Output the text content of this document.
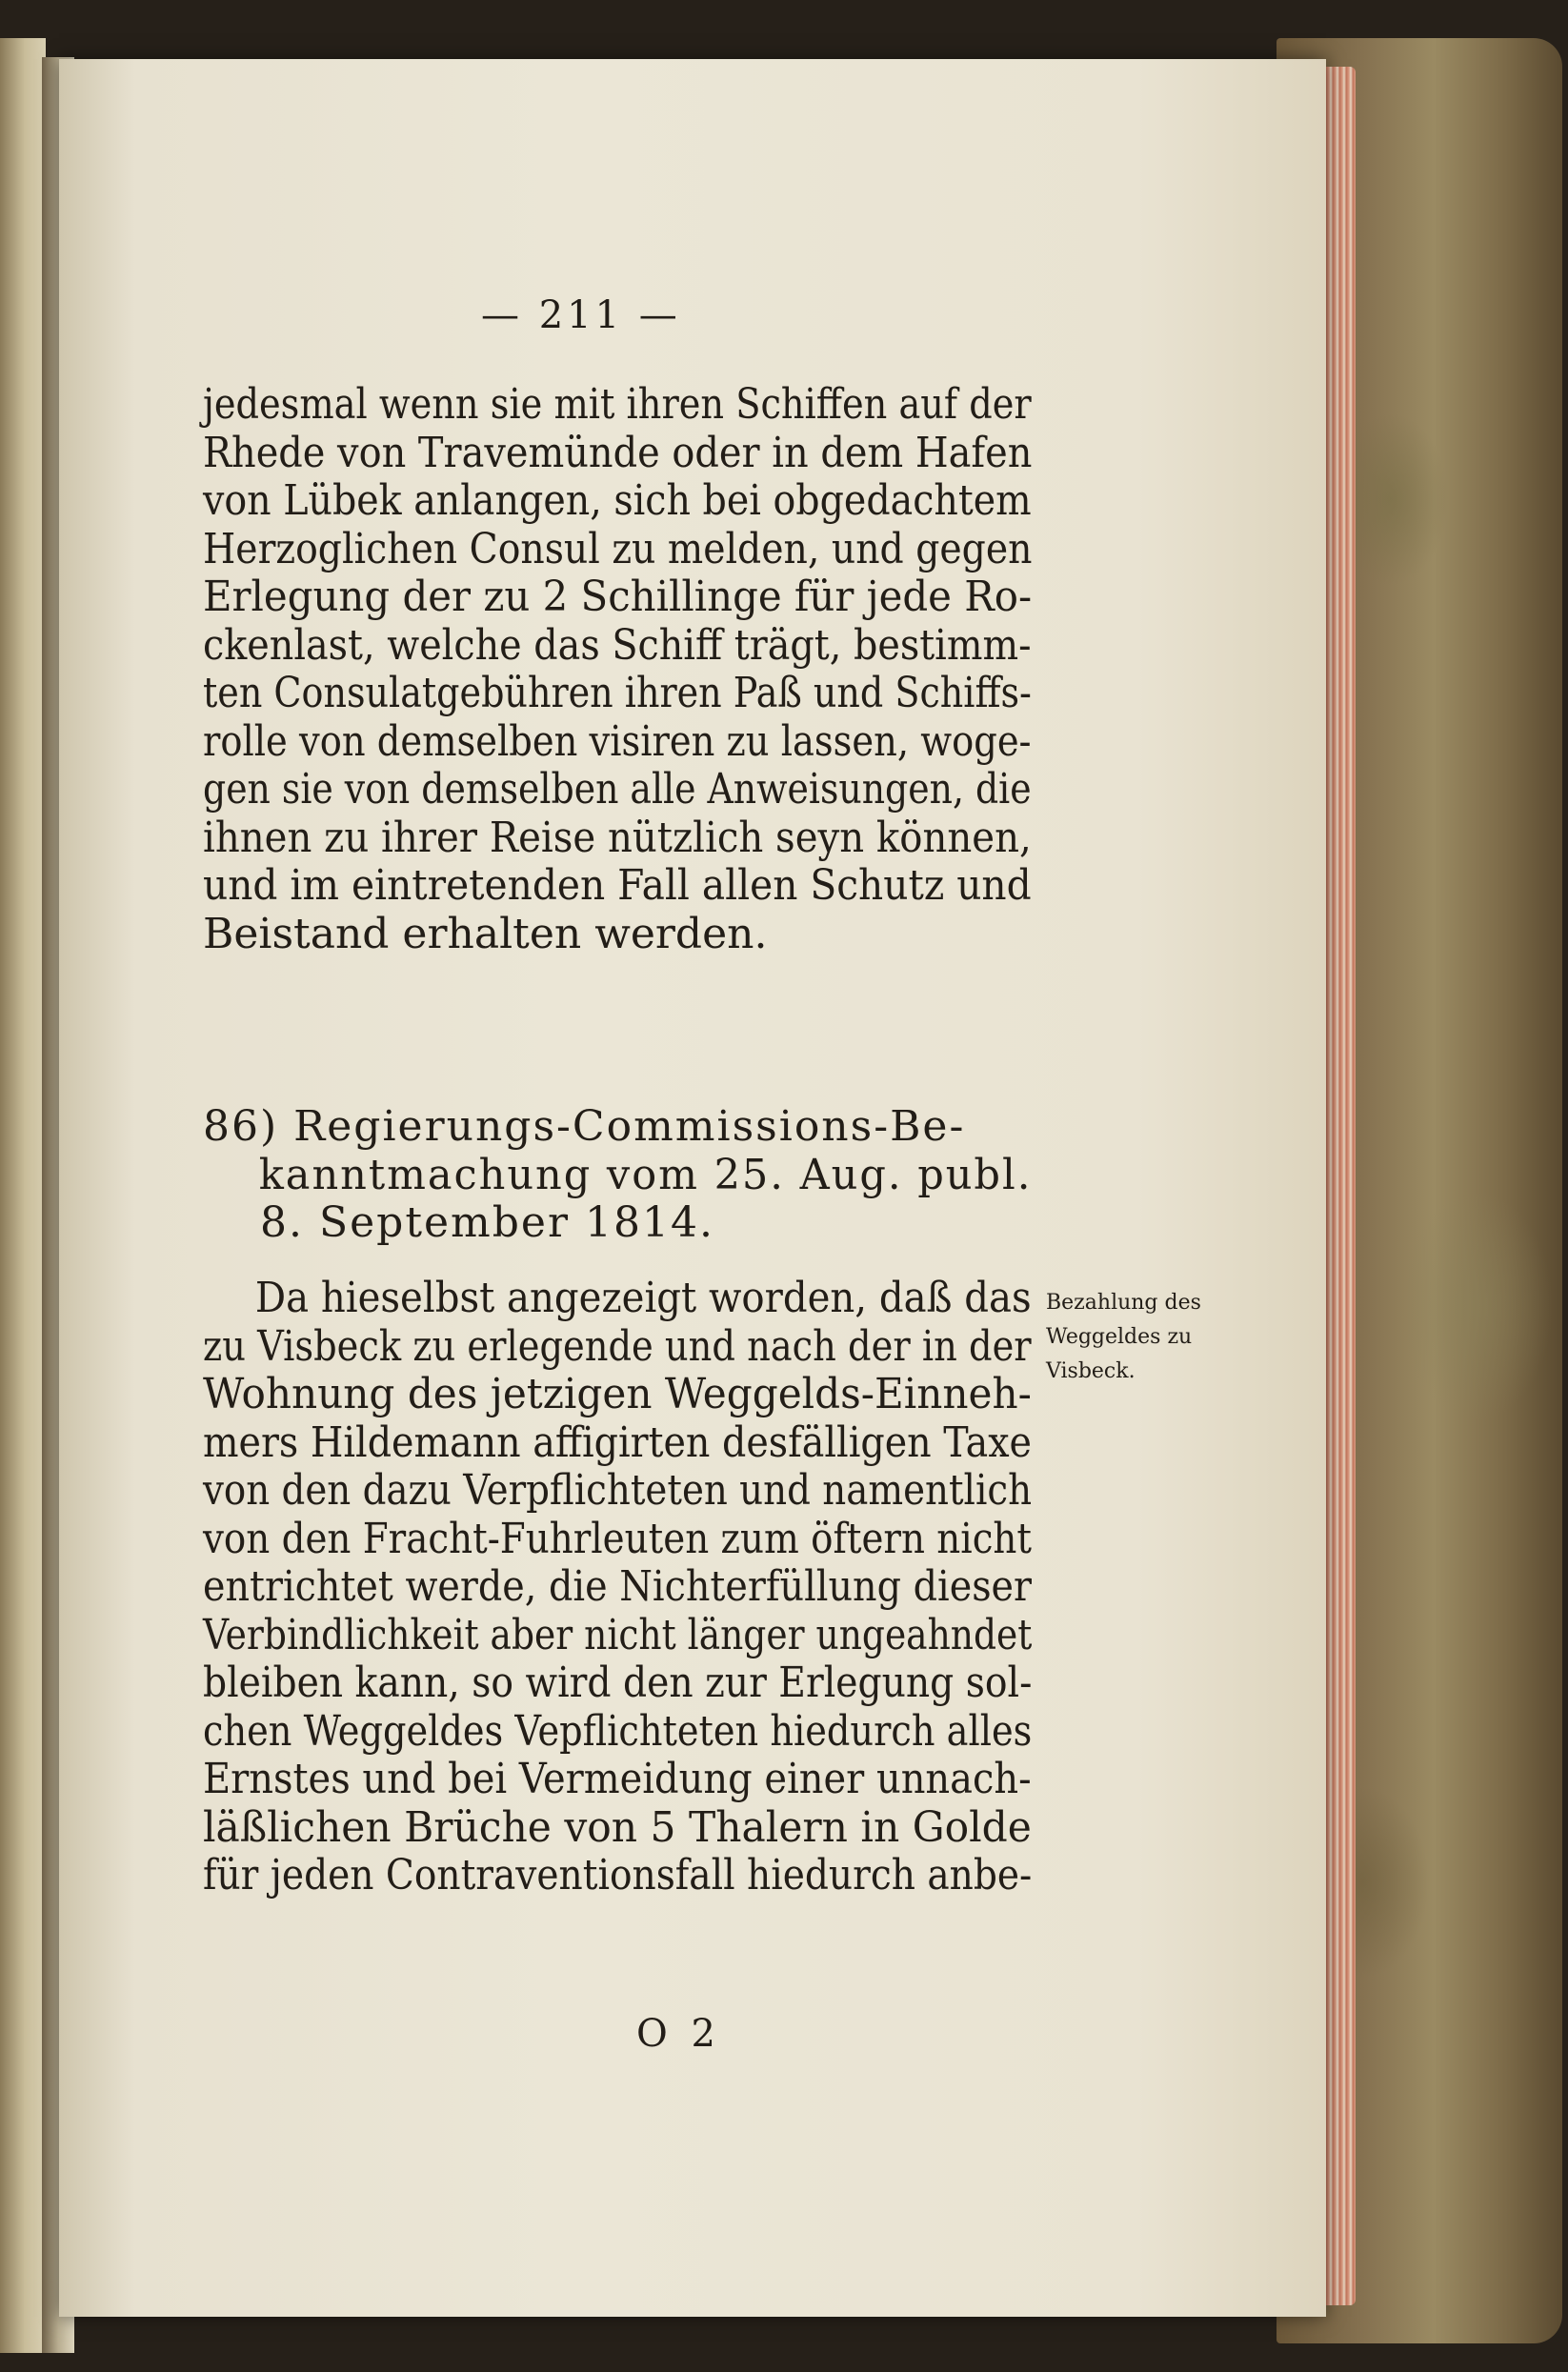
— 211 —
jedesmal wenn sie mit ihren Schiffen auf der
Rhede von Travemünde oder in dem Hafen
von Lübek anlangen, sich bei obgedachtem
Herzoglichen Consul zu melden, und gegen
Erlegung der zu 2 Schillinge für jede Ro-
ckenlast, welche das Schiff trägt, bestimm-
ten Consulatgebühren ihren Paß und Schiffs-
rolle von demselben visiren zu lassen, woge-
gen sie von demselben alle Anweisungen, die
ihnen zu ihrer Reise nützlich seyn können,
und im eintretenden Fall allen Schutz und
Beistand erhalten werden.
86) Regierungs-Commissions-Be-
kanntmachung vom 25. Aug. publ.
8. September 1814.
Bezahlung des
Weggeldes zu
Visbeck.
Da hieselbst angezeigt worden, daß das
zu Visbeck zu erlegende und nach der in der
Wohnung des jetzigen Weggelds-Einneh-
mers Hildemann affigirten desfälligen Taxe
von den dazu Verpflichteten und namentlich
von den Fracht-Fuhrleuten zum öftern nicht
entrichtet werde, die Nichterfüllung dieser
Verbindlichkeit aber nicht länger ungeahndet
bleiben kann, so wird den zur Erlegung sol-
chen Weggeldes Vepflichteten hiedurch alles
Ernstes und bei Vermeidung einer unnach-
läßlichen Brüche von 5 Thalern in Golde
für jeden Contraventionsfall hiedurch anbe-
O 2
